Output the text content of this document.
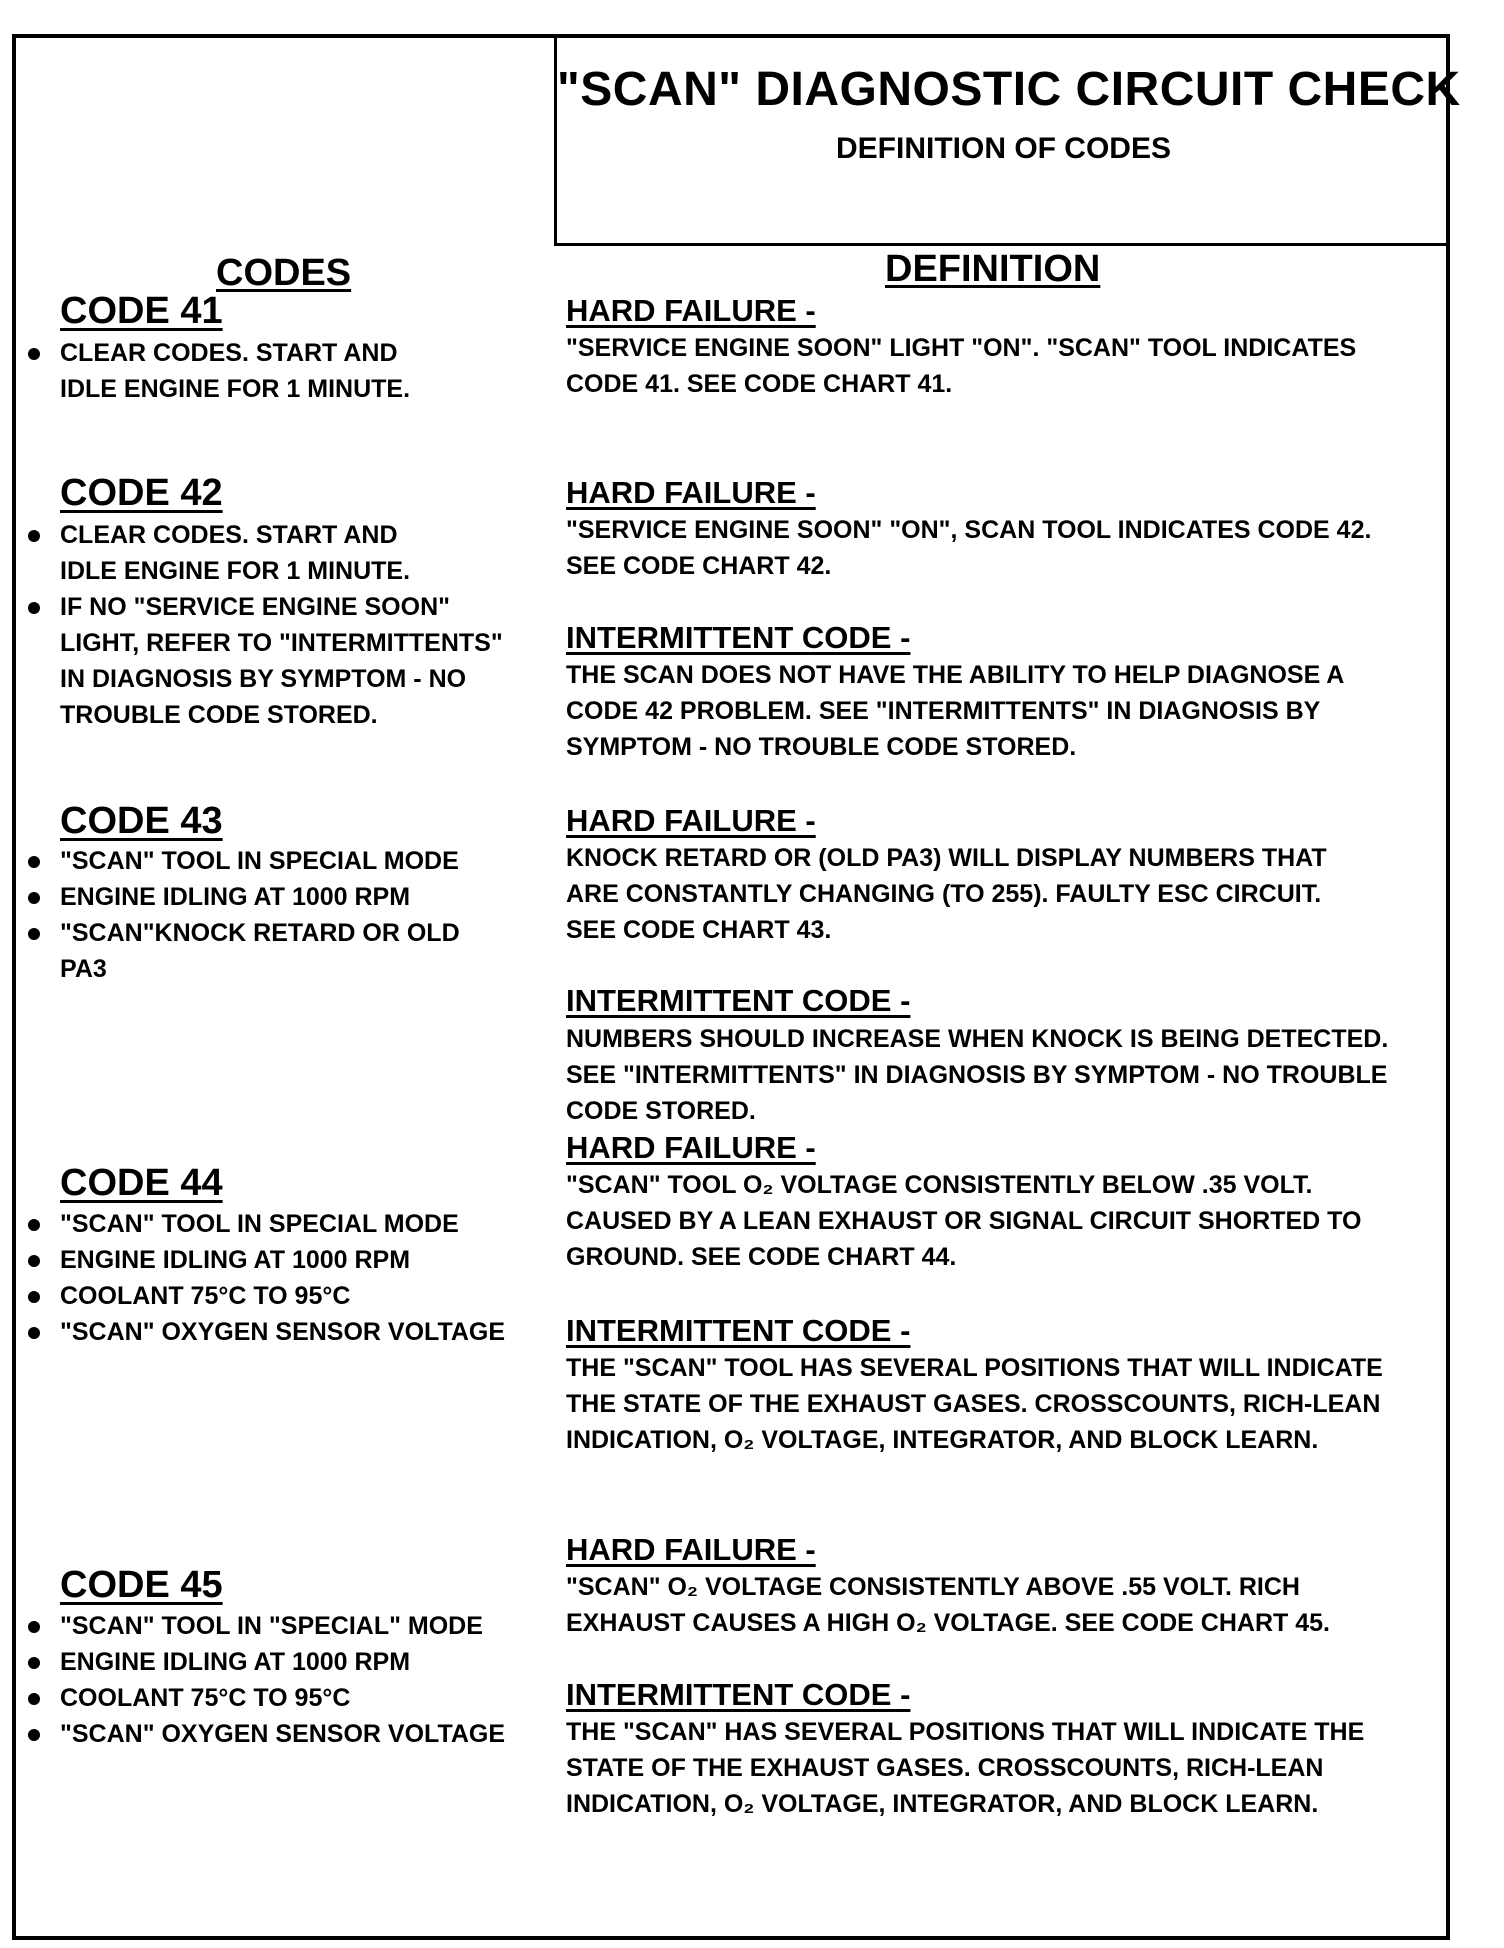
"SCAN" DIAGNOSTIC CIRCUIT CHECK
DEFINITION OF CODES
CODES	DEFINITION
CODE 41
CLEAR CODES. START AND
IDLE ENGINE FOR 1 MINUTE.
CODE 42
CLEAR CODES. START AND
IDLE ENGINE FOR 1 MINUTE.
IF NO "SERVICE ENGINE SOON"
LIGHT, REFER TO "INTERMITTENTS"
IN DIAGNOSIS BY SYMPTOM - NO
TROUBLE CODE STORED.
CODE 43
"SCAN" TOOL IN SPECIAL MODE
ENGINE IDLING AT 1000 RPM
"SCAN"KNOCK RETARD OR OLD
PA3
CODE 44
"SCAN" TOOL IN SPECIAL MODE
ENGINE IDLING AT 1000 RPM
COOLANT 75°C TO 95°C
"SCAN" OXYGEN SENSOR VOLTAGE
CODE 45
"SCAN" TOOL IN "SPECIAL" MODE
ENGINE IDLING AT 1000 RPM
COOLANT 75°C TO 95°C
"SCAN" OXYGEN SENSOR VOLTAGE
HARD FAILURE -
"SERVICE ENGINE SOON" LIGHT "ON". "SCAN" TOOL INDICATES
CODE 41. SEE CODE CHART 41.
HARD FAILURE -
"SERVICE ENGINE SOON" "ON", SCAN TOOL INDICATES CODE 42.
SEE CODE CHART 42.
INTERMITTENT CODE -
THE SCAN DOES NOT HAVE THE ABILITY TO HELP DIAGNOSE A
CODE 42 PROBLEM. SEE "INTERMITTENTS" IN DIAGNOSIS BY
SYMPTOM - NO TROUBLE CODE STORED.
HARD FAILURE -
KNOCK RETARD OR (OLD PA3) WILL DISPLAY NUMBERS THAT
ARE CONSTANTLY CHANGING (TO 255). FAULTY ESC CIRCUIT.
SEE CODE CHART 43.
INTERMITTENT CODE -
NUMBERS SHOULD INCREASE WHEN KNOCK IS BEING DETECTED.
SEE "INTERMITTENTS" IN DIAGNOSIS BY SYMPTOM - NO TROUBLE
CODE STORED.
HARD FAILURE -
"SCAN" TOOL O₂ VOLTAGE CONSISTENTLY BELOW .35 VOLT.
CAUSED BY A LEAN EXHAUST OR SIGNAL CIRCUIT SHORTED TO
GROUND. SEE CODE CHART 44.
INTERMITTENT CODE -
THE "SCAN" TOOL HAS SEVERAL POSITIONS THAT WILL INDICATE
THE STATE OF THE EXHAUST GASES. CROSSCOUNTS, RICH-LEAN
INDICATION, O₂ VOLTAGE, INTEGRATOR, AND BLOCK LEARN.
HARD FAILURE -
"SCAN" O₂ VOLTAGE CONSISTENTLY ABOVE .55 VOLT. RICH
EXHAUST CAUSES A HIGH O₂ VOLTAGE. SEE CODE CHART 45.
INTERMITTENT CODE -
THE "SCAN" HAS SEVERAL POSITIONS THAT WILL INDICATE THE
STATE OF THE EXHAUST GASES. CROSSCOUNTS, RICH-LEAN
INDICATION, O₂ VOLTAGE, INTEGRATOR, AND BLOCK LEARN.
